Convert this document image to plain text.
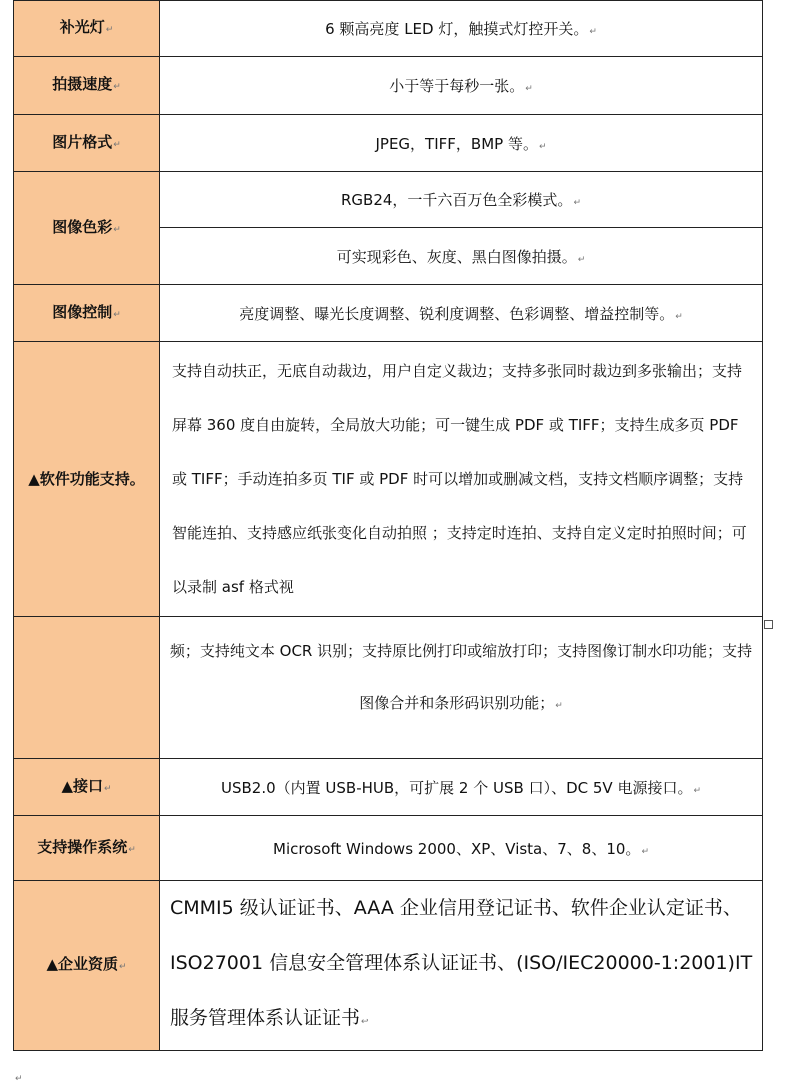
补光灯↵	6 颗高亮度 LED 灯，触摸式灯控开关。↵
拍摄速度↵	小于等于每秒一张。↵
图片格式↵	JPEG，TIFF，BMP 等。↵
图像色彩↵	RGB24，一千六百万色全彩模式。↵
	可实现彩色、灰度、黑白图像拍摄。↵
图像控制↵	亮度调整、曝光长度调整、锐利度调整、色彩调整、增益控制等。↵
▲软件功能支持。	支持自动扶正，无底自动裁边，用户自定义裁边；支持多张同时裁边到多张输出；支持屏幕 360 度自由旋转，全局放大功能；可一键生成 PDF 或 TIFF；支持生成多页 PDF 或 TIFF；手动连拍多页 TIF 或 PDF 时可以增加或删减文档，支持文档顺序调整；支持智能连拍、支持感应纸张变化自动拍照 ；支持定时连拍、支持自定义定时拍照时间；可以录制 asf 格式视
	频；支持纯文本 OCR 识别；支持原比例打印或缩放打印；支持图像订制水印功能；支持图像合并和条形码识别功能；↵
▲接口↵	USB2.0（内置 USB-HUB，可扩展 2 个 USB 口）、DC 5V 电源接口。↵
支持操作系统↵	Microsoft Windows 2000、XP、Vista、7、8、10。↵
▲企业资质↵	CMMI5 级认证证书、AAA 企业信用登记证书、软件企业认定证书、ISO27001 信息安全管理体系认证证书、(ISO/IEC20000-1:2001)IT 服务管理体系认证证书↩
↵
